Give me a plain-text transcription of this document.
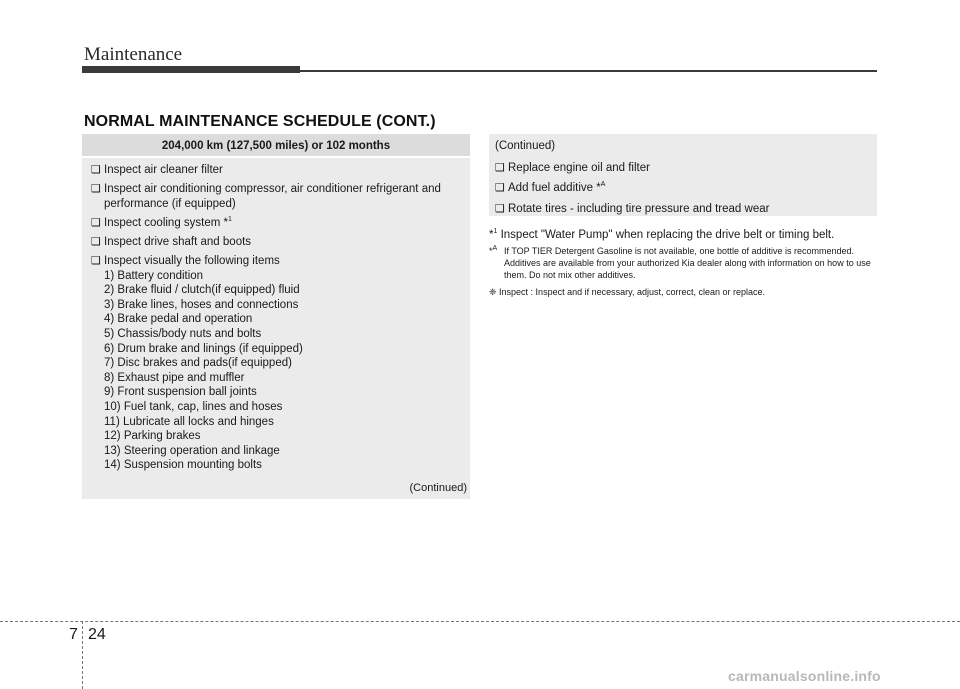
Maintenance
NORMAL MAINTENANCE SCHEDULE (CONT.)
204,000 km (127,500 miles) or 102 months
❑ Inspect air cleaner filter
❑ Inspect air conditioning compressor, air conditioner refrigerant and performance (if equipped)
❑ Inspect cooling system *$^1$
❑ Inspect drive shaft and boots
❑ Inspect visually the following items
1) Battery condition
2) Brake fluid / clutch(if equipped) fluid
3) Brake lines, hoses and connections
4) Brake pedal and operation
5) Chassis/body nuts and bolts
6) Drum brake and linings (if equipped)
7) Disc brakes and pads(if equipped)
8) Exhaust pipe and muffler
9) Front suspension ball joints
10) Fuel tank, cap, lines and hoses
11) Lubricate all locks and hinges
12) Parking brakes
13) Steering operation and linkage
14) Suspension mounting bolts
(Continued)
(Continued)
❑ Replace engine oil and filter
❑ Add fuel additive *$^A$
❑ Rotate tires - including tire pressure and tread wear
*$^1$ Inspect "Water Pump" when replacing the drive belt or timing belt.
*$^A$ If TOP TIER Detergent Gasoline is not available, one bottle of additive is recommended. Additives are available from your authorized Kia dealer along with information on how to use them. Do not mix other additives.
❈ Inspect : Inspect and if necessary, adjust, correct, clean or replace.
7 24
carmanualsonline.info
